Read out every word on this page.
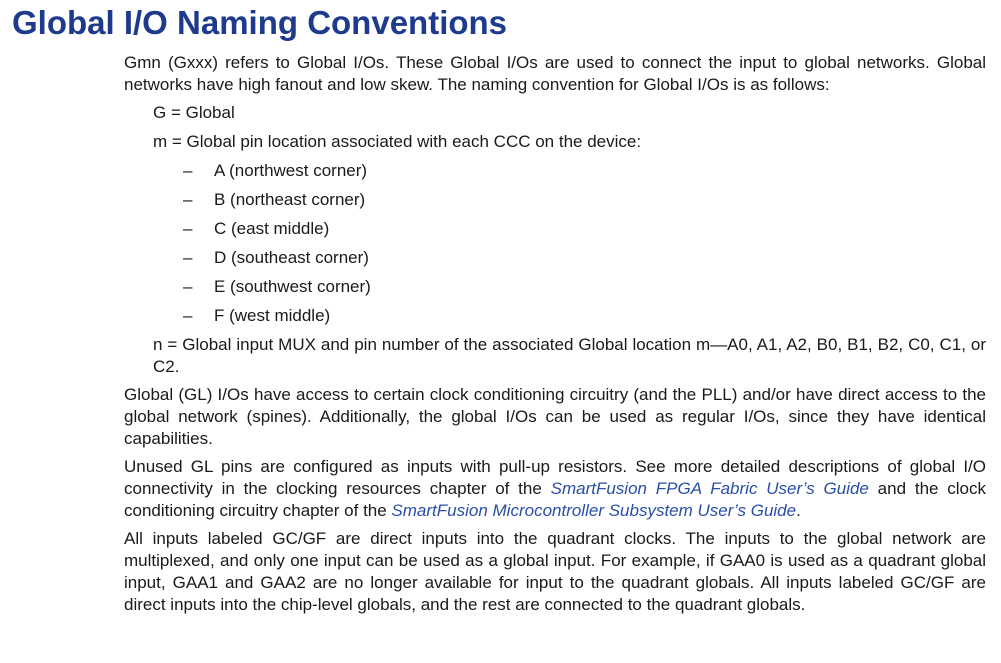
Global I/O Naming Conventions

Gmn (Gxxx) refers to Global I/Os. These Global I/Os are used to connect the input to global networks. Global networks have high fanout and low skew. The naming convention for Global I/Os is as follows:

G = Global

m = Global pin location associated with each CCC on the device:

– A (northwest corner)
– B (northeast corner)
– C (east middle)
– D (southeast corner)
– E (southwest corner)
– F (west middle)

n = Global input MUX and pin number of the associated Global location m—A0, A1, A2, B0, B1, B2, C0, C1, or C2.

Global (GL) I/Os have access to certain clock conditioning circuitry (and the PLL) and/or have direct access to the global network (spines). Additionally, the global I/Os can be used as regular I/Os, since they have identical capabilities.

Unused GL pins are configured as inputs with pull-up resistors. See more detailed descriptions of global I/O connectivity in the clocking resources chapter of the SmartFusion FPGA Fabric User’s Guide and the clock conditioning circuitry chapter of the SmartFusion Microcontroller Subsystem User’s Guide.

All inputs labeled GC/GF are direct inputs into the quadrant clocks. The inputs to the global network are multiplexed, and only one input can be used as a global input. For example, if GAA0 is used as a quadrant global input, GAA1 and GAA2 are no longer available for input to the quadrant globals. All inputs labeled GC/GF are direct inputs into the chip-level globals, and the rest are connected to the quadrant globals.
